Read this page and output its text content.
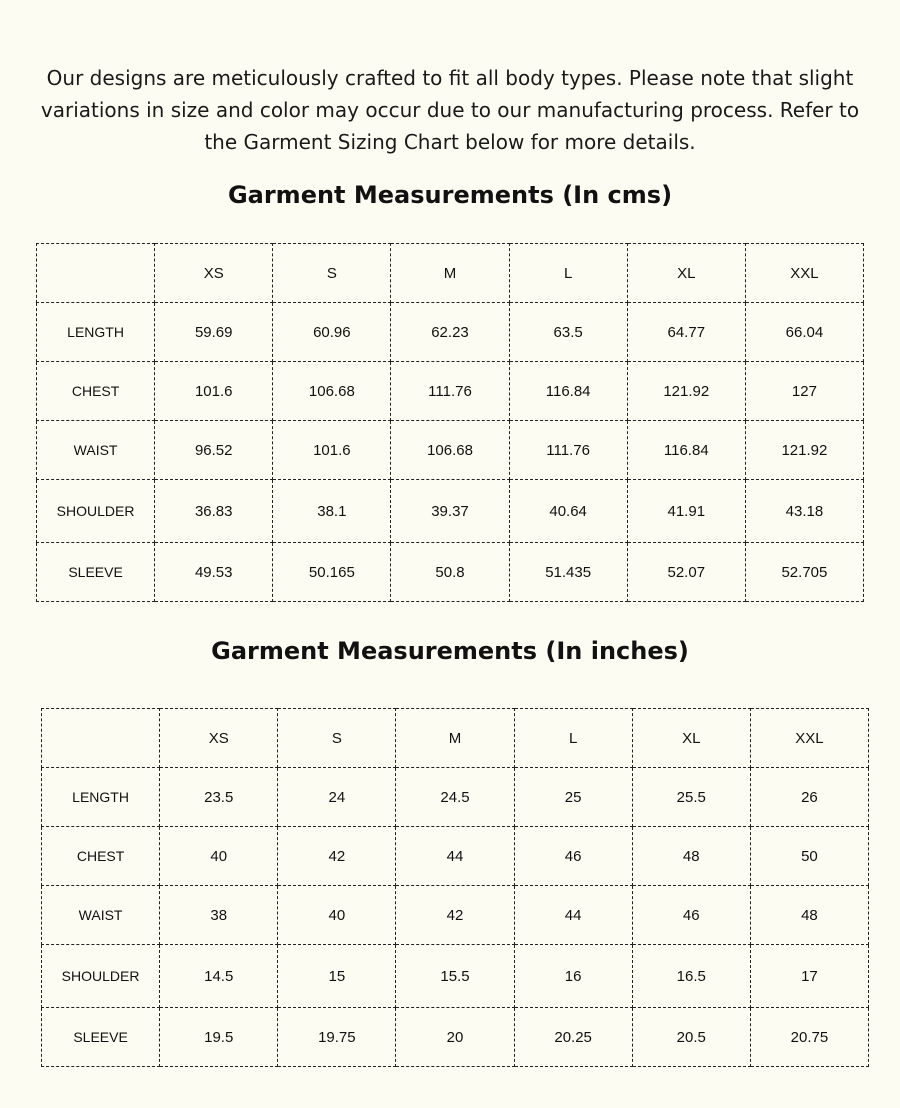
Our designs are meticulously crafted to fit all body types. Please note that slight variations in size and color may occur due to our manufacturing process. Refer to the Garment Sizing Chart below for more details.

Garment Measurements (In cms)
	XS	S	M	L	XL	XXL
LENGTH	59.69	60.96	62.23	63.5	64.77	66.04
CHEST	101.6	106.68	111.76	116.84	121.92	127
WAIST	96.52	101.6	106.68	111.76	116.84	121.92
SHOULDER	36.83	38.1	39.37	40.64	41.91	43.18
SLEEVE	49.53	50.165	50.8	51.435	52.07	52.705
Garment Measurements (In inches)
	XS	S	M	L	XL	XXL
LENGTH	23.5	24	24.5	25	25.5	26
CHEST	40	42	44	46	48	50
WAIST	38	40	42	44	46	48
SHOULDER	14.5	15	15.5	16	16.5	17
SLEEVE	19.5	19.75	20	20.25	20.5	20.75
